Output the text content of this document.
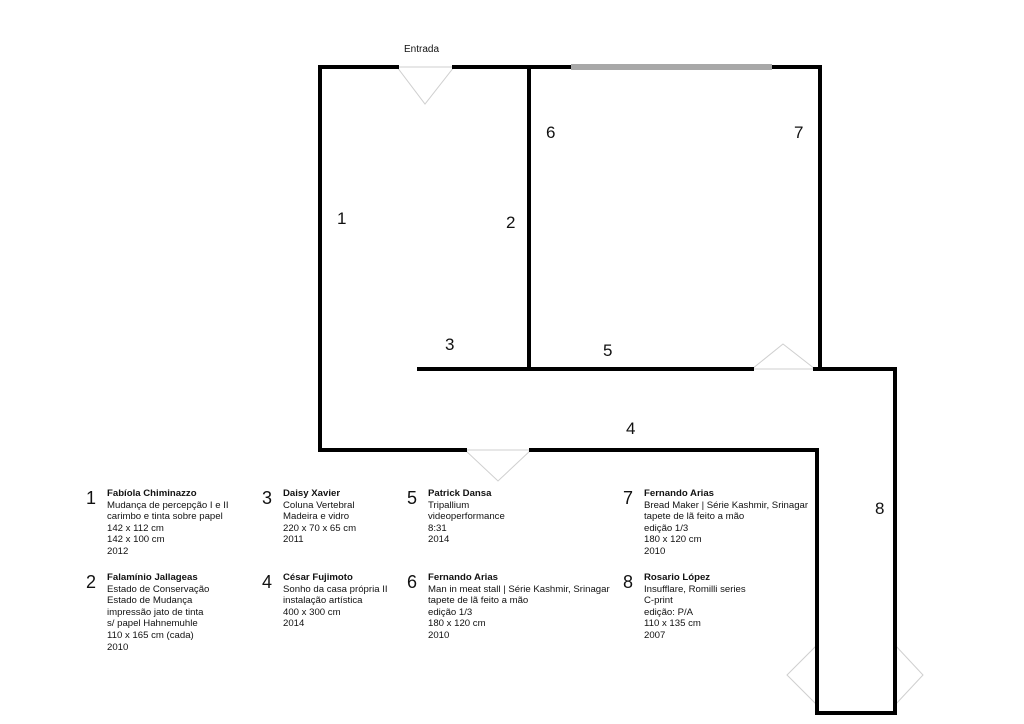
Entrada
1	2
3
4
5
6	7
8
1	Fabíola Chiminazzo
Mudança de percepção I e II
carimbo e tinta sobre papel
142 x 112 cm
142 x 100 cm
2012
2	Falamínio Jallageas
Estado de Conservação
Estado de Mudança
impressão jato de tinta
s/ papel Hahnemuhle
110 x 165 cm (cada)
2010
3	Daisy Xavier
Coluna Vertebral
Madeira e vidro
220 x 70 x 65 cm
2011
4	César Fujimoto
Sonho da casa própria II
instalação artística
400 x 300 cm
2014
5	Patrick Dansa
Tripallium
videoperformance
8:31
2014
6	Fernando Arias
Man in meat stall | Série Kashmir, Srinagar
tapete de lã feito a mão
edição 1/3
180 x 120 cm
2010
7	Fernando Arias
Bread Maker | Série Kashmir, Srinagar
tapete de lã feito a mão
edição 1/3
180 x 120 cm
2010
8	Rosario López
Insufflare, Romilli series
C-print
edição: P/A
110 x 135 cm
2007
